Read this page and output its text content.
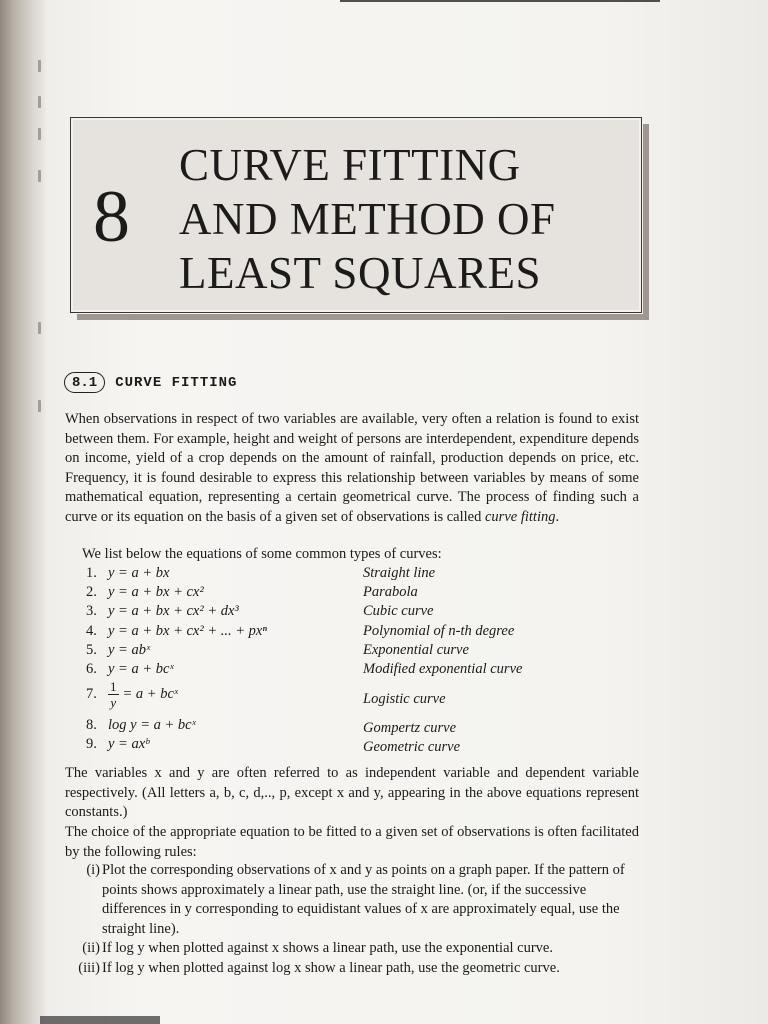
8
CURVE FITTING
AND METHOD OF
LEAST SQUARES
8.1	CURVE FITTING
When observations in respect of two variables are available, very often a relation is found to exist between them. For example, height and weight of persons are interdependent, expenditure depends on income, yield of a crop depends on the amount of rainfall, production depends on price, etc. Frequency, it is found desirable to express this relationship between variables by means of some mathematical equation, representing a certain geometrical curve. The process of finding such a curve or its equation on the basis of a given set of observations is called curve fitting.
We list below the equations of some common types of curves:
1. y = a + bx	Straight line
2. y = a + bx + cx²	Parabola
3. y = a + bx + cx² + dx³	Cubic curve
4. y = a + bx + cx² + ... + pxⁿ	Polynomial of n-th degree
5. y = abˣ	Exponential curve
6. y = a + bcˣ	Modified exponential curve
7. $\frac{1}{y} = a$ + bcˣ	Logistic curve
8. log y = a + bcˣ	Gompertz curve
9. y = axᵇ	Geometric curve
The variables x and y are often referred to as independent variable and dependent variable respectively. (All letters a, b, c, d,.., p, except x and y, appearing in the above equations represent constants.)
The choice of the appropriate equation to be fitted to a given set of observations is often facilitated by the following rules:
(i) Plot the corresponding observations of x and y as points on a graph paper. If the pattern of points shows approximately a linear path, use the straight line. (or, if the successive differences in y corresponding to equidistant values of x are approximately equal, use the straight line).
(ii) If log y when plotted against x shows a linear path, use the exponential curve.
(iii) If log y when plotted against log x show a linear path, use the geometric curve.
